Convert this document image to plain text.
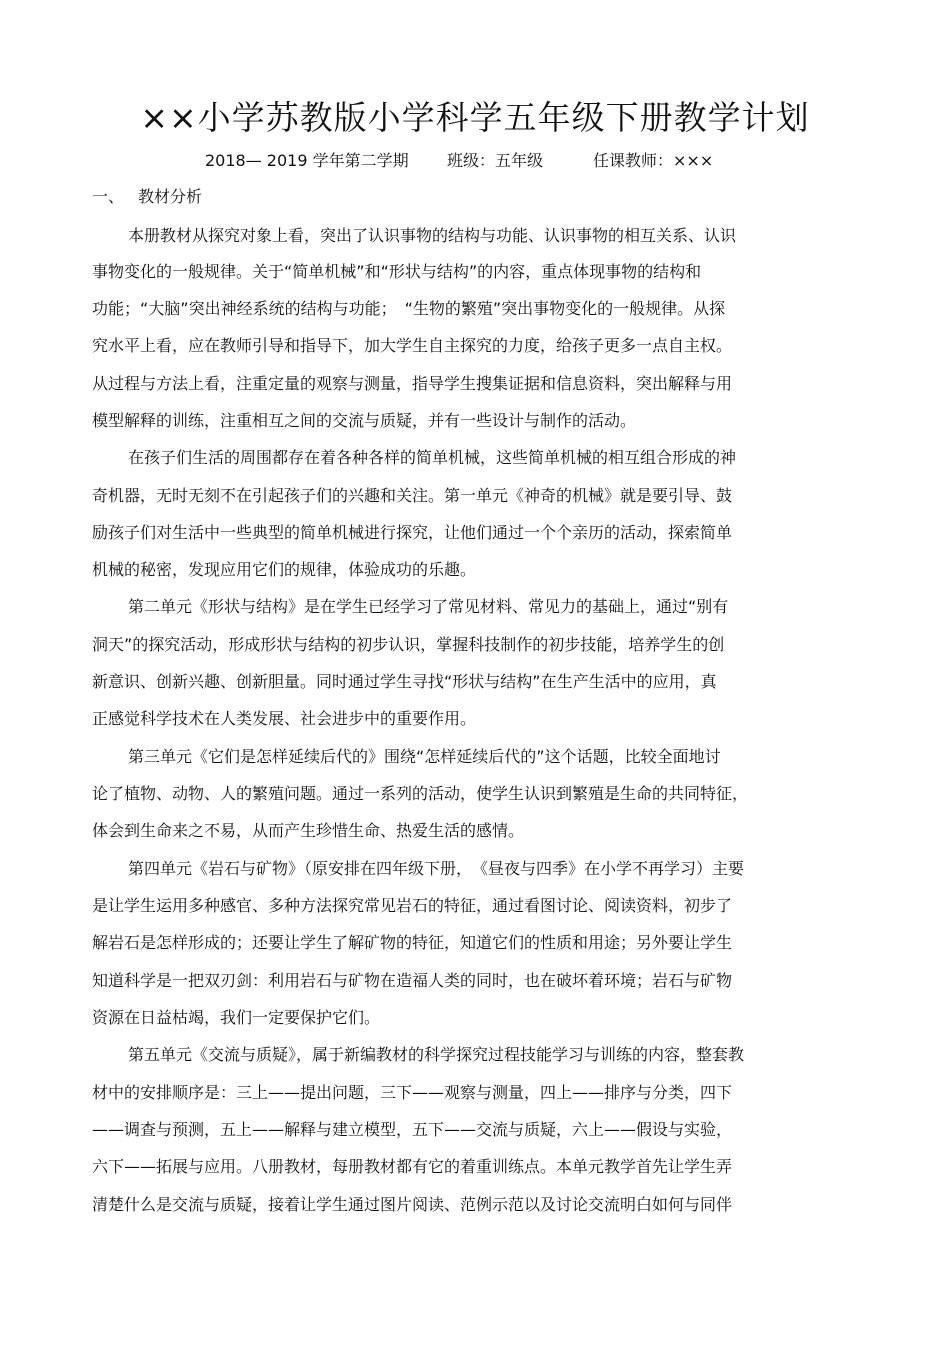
××小学苏教版小学科学五年级下册教学计划
2018— 2019 学年第二学期 班级：五年级	任课教师：×××
一、 教材分析
本册教材从探究对象上看，突出了认识事物的结构与功能、认识事物的相互关系、认识
事物变化的一般规律。关于“简单机械”和“形状与结构”的内容，重点体现事物的结构和
功能；“大脑”突出神经系统的结构与功能；　“生物的繁殖”突出事物变化的一般规律。从探
究水平上看，应在教师引导和指导下，加大学生自主探究的力度，给孩子更多一点自主权。
从过程与方法上看，注重定量的观察与测量，指导学生搜集证据和信息资料，突出解释与用
模型解释的训练，注重相互之间的交流与质疑，并有一些设计与制作的活动。
在孩子们生活的周围都存在着各种各样的简单机械，这些简单机械的相互组合形成的神
奇机器，无时无刻不在引起孩子们的兴趣和关注。第一单元《神奇的机械》就是要引导、鼓
励孩子们对生活中一些典型的简单机械进行探究，让他们通过一个个亲历的活动，探索简单
机械的秘密，发现应用它们的规律，体验成功的乐趣。
第二单元《形状与结构》是在学生已经学习了常见材料、常见力的基础上，通过“别有
洞天”的探究活动，形成形状与结构的初步认识，掌握科技制作的初步技能，培养学生的创
新意识、创新兴趣、创新胆量。同时通过学生寻找“形状与结构”在生产生活中的应用，真
正感觉科学技术在人类发展、社会进步中的重要作用。
第三单元《它们是怎样延续后代的》围绕“怎样延续后代的”这个话题，比较全面地讨
论了植物、动物、人的繁殖问题。通过一系列的活动，使学生认识到繁殖是生命的共同特征，
体会到生命来之不易，从而产生珍惜生命、热爱生活的感情。
第四单元《岩石与矿物》（原安排在四年级下册，　《昼夜与四季》在小学不再学习）主要
是让学生运用多种感官、多种方法探究常见岩石的特征，通过看图讨论、阅读资料，初步了
解岩石是怎样形成的；还要让学生了解矿物的特征，知道它们的性质和用途；另外要让学生
知道科学是一把双刃剑：利用岩石与矿物在造福人类的同时，也在破坏着环境；岩石与矿物
资源在日益枯竭，我们一定要保护它们。
第五单元《交流与质疑》，属于新编教材的科学探究过程技能学习与训练的内容，整套教
材中的安排顺序是：三上——提出问题，三下——观察与测量，四上——排序与分类，四下
——调查与预测，五上——解释与建立模型，五下——交流与质疑，六上——假设与实验，
六下——拓展与应用。八册教材，每册教材都有它的着重训练点。本单元教学首先让学生弄
清楚什么是交流与质疑，接着让学生通过图片阅读、范例示范以及讨论交流明白如何与同伴
